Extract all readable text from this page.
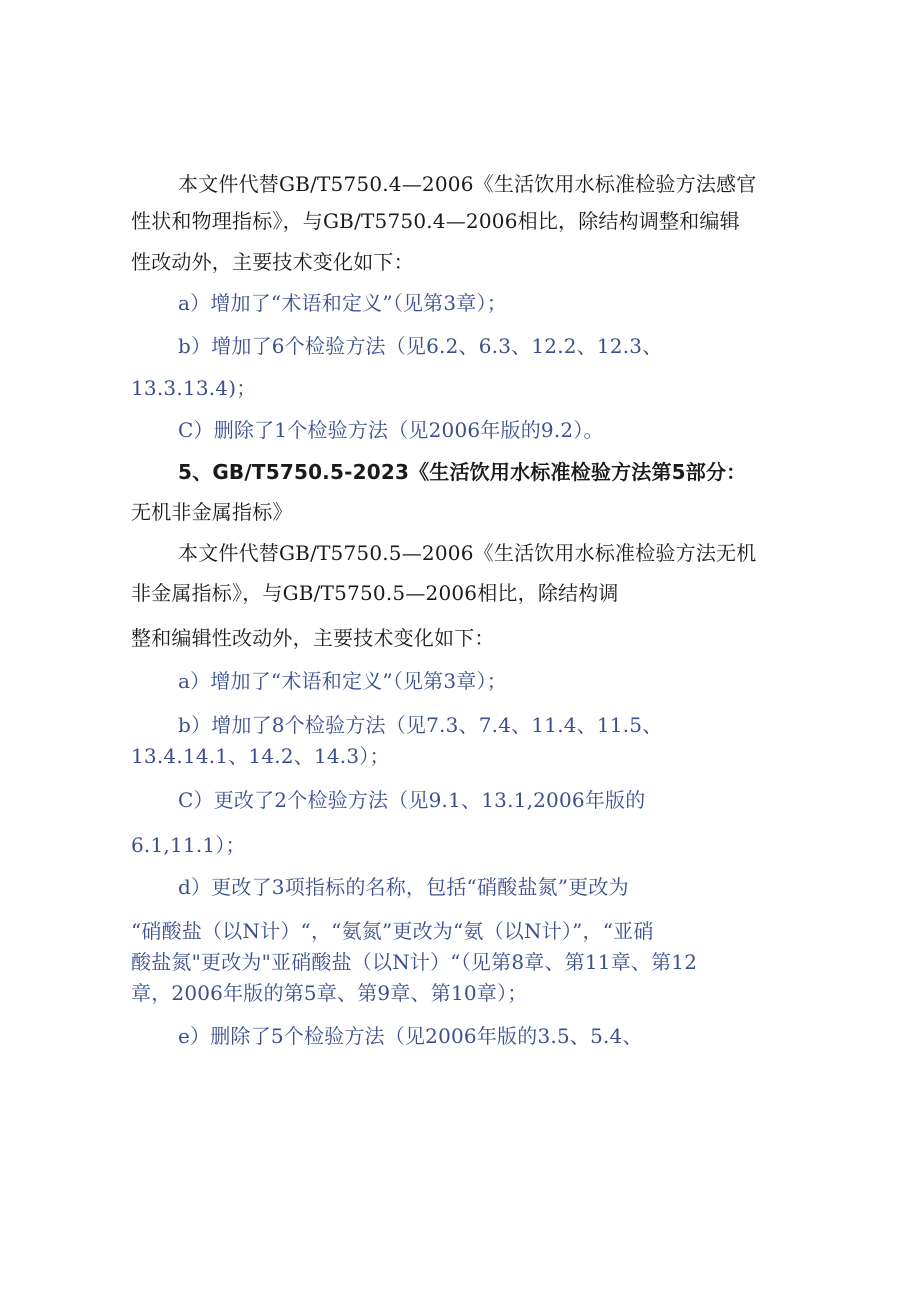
本文件代替GB/T5750.4—2006《生活饮用水标准检验方法感官
性状和物理指标》，与GB/T5750.4—2006相比，除结构调整和编辑
性改动外，主要技术变化如下：
a）增加了“术语和定义”（见第3章）；
b）增加了6个检验方法（见6.2、6.3、12.2、12.3、
13.3.13.4)；
C）删除了1个检验方法（见2006年版的9.2）。
5、GB/T5750.5-2023《生活饮用水标准检验方法第5部分：
无机非金属指标》
本文件代替GB/T5750.5—2006《生活饮用水标准检验方法无机
非金属指标》，与GB/T5750.5—2006相比，除结构调
整和编辑性改动外，主要技术变化如下：
a）增加了“术语和定义”（见第3章）；
b）增加了8个检验方法（见7.3、7.4、11.4、11.5、
13.4.14.1、14.2、14.3）；
C）更改了2个检验方法（见9.1、13.1,2006年版的
6.1,11.1）；
d）更改了3项指标的名称，包括“硝酸盐氮”更改为
“硝酸盐（以N计）“，“氨氮”更改为“氨（以N计）”，“亚硝
酸盐氮"更改为"亚硝酸盐（以N计）“（见第8章、第11章、第12
章，2006年版的第5章、第9章、第10章）；
e）删除了5个检验方法（见2006年版的3.5、5.4、
